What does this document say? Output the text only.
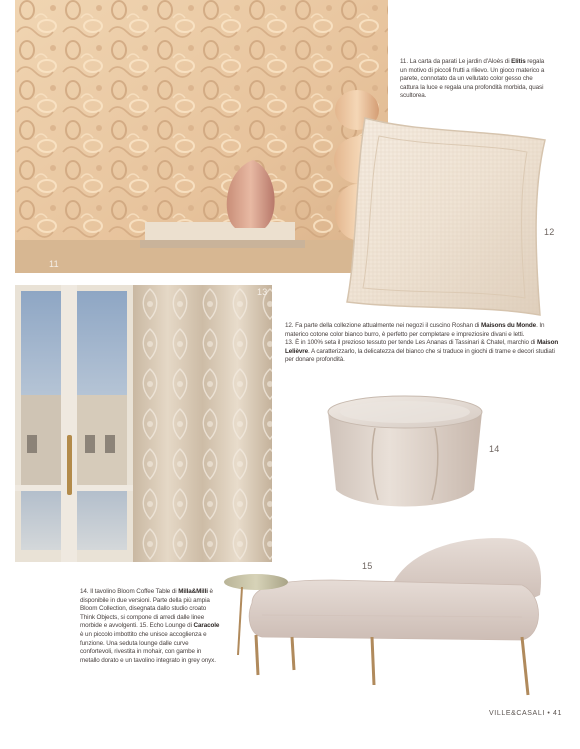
11
11. La carta da parati Le jardin d'Aloès di Elitis regala un motivo di piccoli frutti a rilievo. Un gioco materico a parete, connotato da un vellutato color gesso che cattura la luce e regala una profondità morbida, quasi scultorea.
12
13
12. Fa parte della collezione attualmente nei negozi il cuscino Roshan di Maisons du Monde. In materico cotone color bianco burro, è perfetto per completare e impreziosire divani e letti.
13. È in 100% seta il prezioso tessuto per tende Les Ananas di Tassinari & Chatel, marchio di Maison Lelièvre. A caratterizzarlo, la delicatezza del bianco che si traduce in giochi di trame e decori studiati per donare profondità.
14
15
14. Il tavolino Bloom Coffee Table di Milla&Milli è disponibile in due versioni. Parte della più ampia Bloom Collection, disegnata dallo studio croato Think Objects, si compone di arredi dalle linee morbide e avvolgenti. 15. Echo Lounge di Caracole è un piccolo imbottito che unisce accoglienza e funzione. Una seduta lounge dalle curve confortevoli, rivestita in mohair, con gambe in metallo dorato e un tavolino integrato in grey onyx.
VILLE&CASALI • 41
